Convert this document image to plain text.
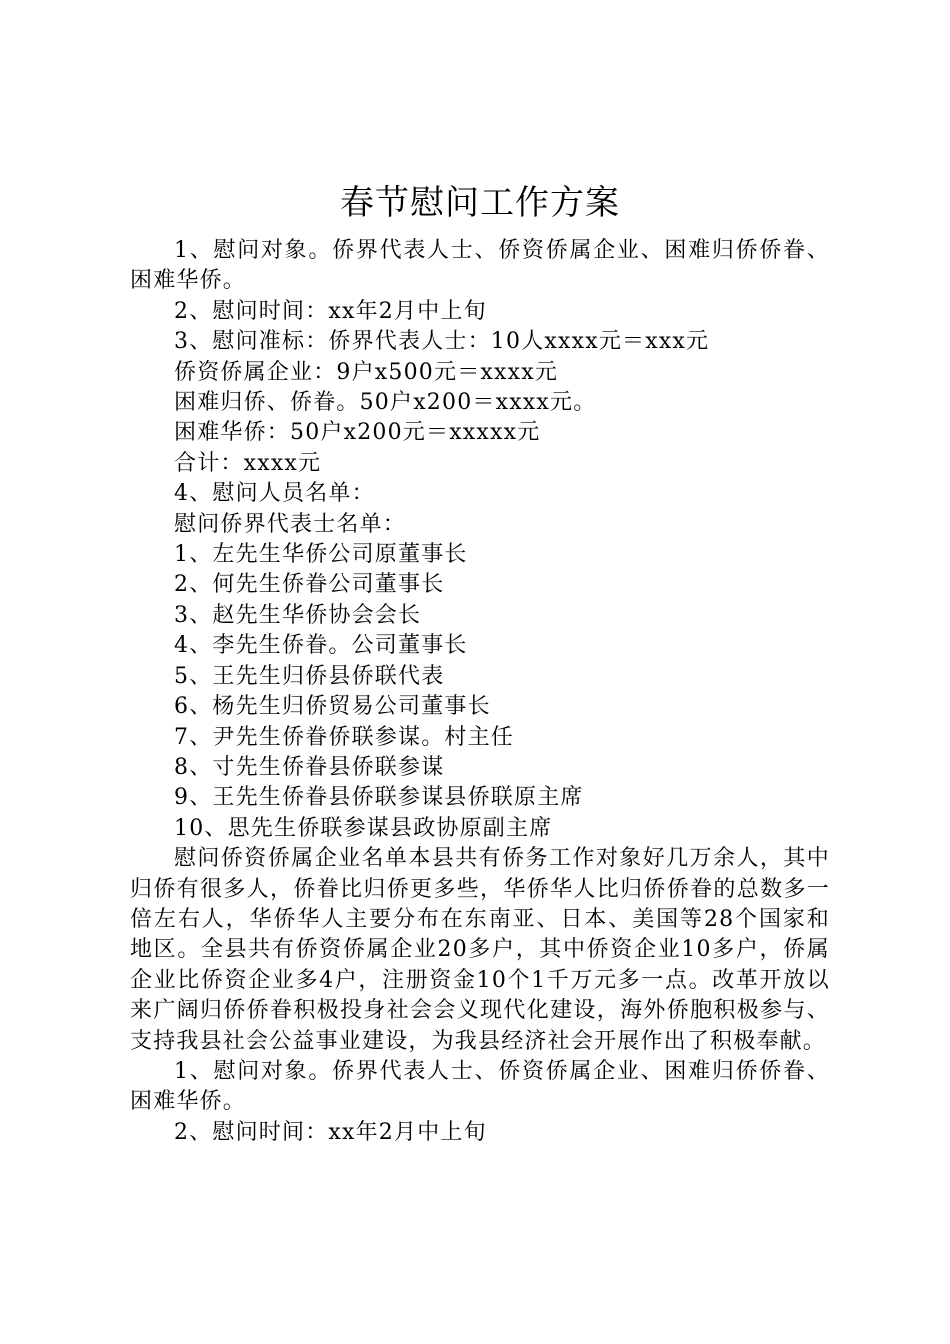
春节慰问工作方案

1、慰问对象。侨界代表人士、侨资侨属企业、困难归侨侨眷、困难华侨。

2、慰问时间：xx年2月中上旬

3、慰问准标：侨界代表人士：10人xxxx元＝xxx元

侨资侨属企业：9户x500元＝xxxx元

困难归侨、侨眷。50户x200＝xxxx元。

困难华侨：50户x200元＝xxxxx元

合计：xxxx元

4、慰问人员名单：

慰问侨界代表士名单：

1、左先生华侨公司原董事长

2、何先生侨眷公司董事长

3、赵先生华侨协会会长

4、李先生侨眷。公司董事长

5、王先生归侨县侨联代表

6、杨先生归侨贸易公司董事长

7、尹先生侨眷侨联参谋。村主任

8、寸先生侨眷县侨联参谋

9、王先生侨眷县侨联参谋县侨联原主席

10、思先生侨联参谋县政协原副主席

慰问侨资侨属企业名单本县共有侨务工作对象好几万余人，其中归侨有很多人，侨眷比归侨更多些，华侨华人比归侨侨眷的总数多一倍左右人，华侨华人主要分布在东南亚、日本、美国等28个国家和地区。全县共有侨资侨属企业20多户，其中侨资企业10多户，侨属企业比侨资企业多4户，注册资金10个1千万元多一点。改革开放以来广阔归侨侨眷积极投身社会会义现代化建设，海外侨胞积极参与、支持我县社会公益事业建设，为我县经济社会开展作出了积极奉献。

1、慰问对象。侨界代表人士、侨资侨属企业、困难归侨侨眷、困难华侨。

2、慰问时间：xx年2月中上旬
